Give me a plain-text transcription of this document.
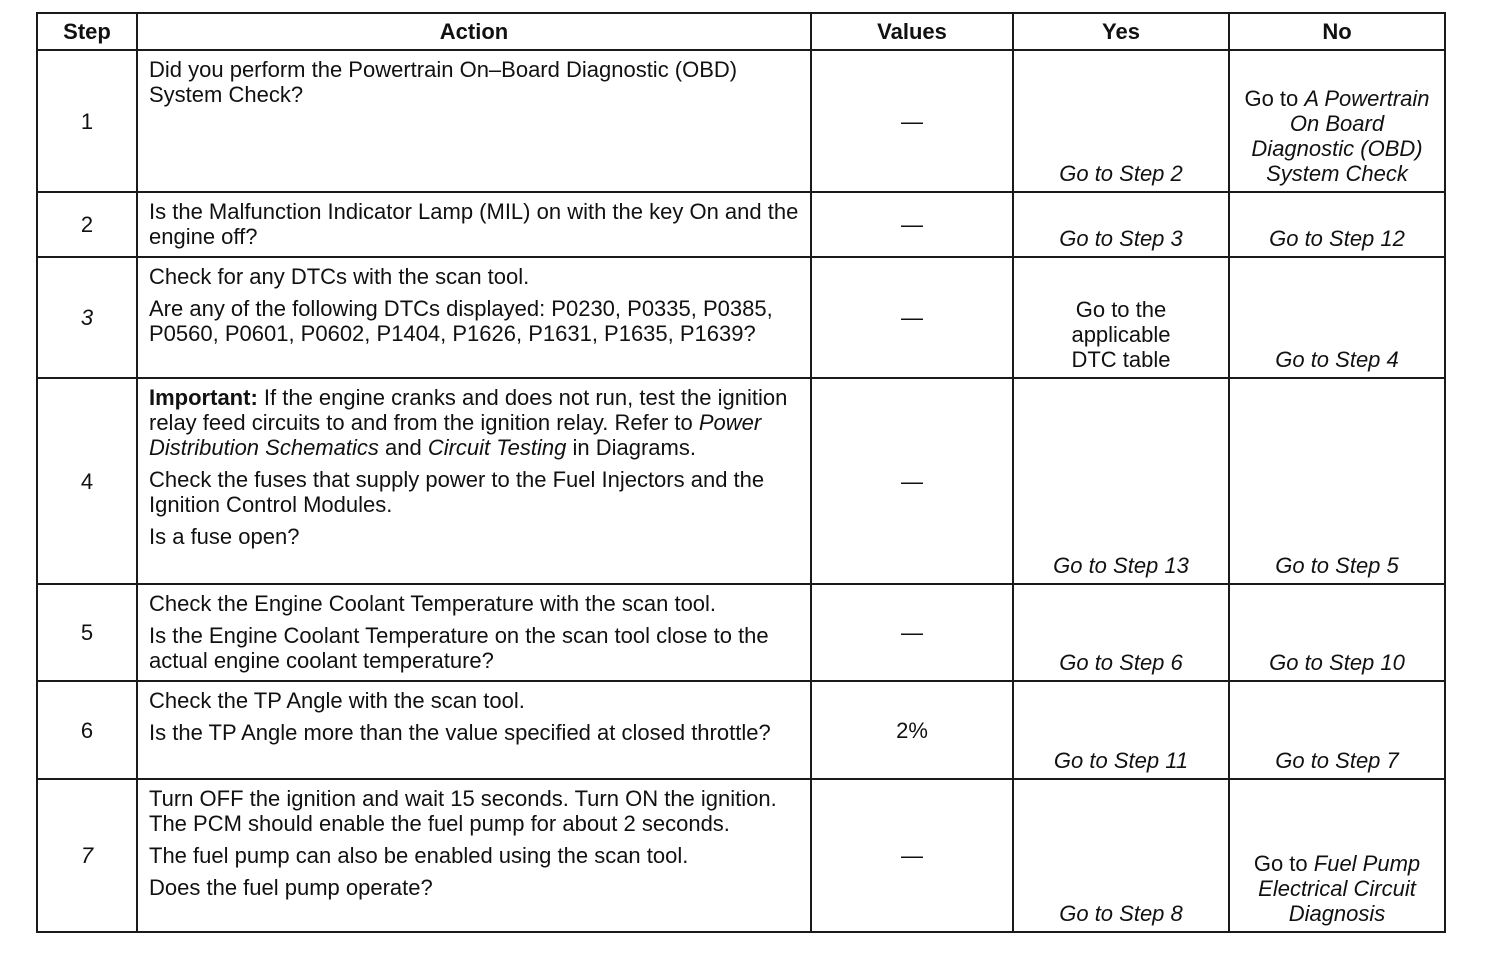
Step	Action	Values	Yes	No
1	Did you perform the Powertrain On–Board Diagnostic (OBD) System Check?	—	Go to Step 2	Go to A Powertrain On Board Diagnostic (OBD) System Check
2	Is the Malfunction Indicator Lamp (MIL) on with the key On and the engine off?	—	Go to Step 3	Go to Step 12
3	Check for any DTCs with the scan tool.

Are any of the following DTCs displayed: P0230, P0335, P0385, P0560, P0601, P0602, P1404, P1626, P1631, P1635, P1639?	—	Go to the applicable DTC table	Go to Step 4
4	Important: If the engine cranks and does not run, test the ignition relay feed circuits to and from the ignition relay. Refer to Power Distribution Schematics and Circuit Testing in Diagrams.

Check the fuses that supply power to the Fuel Injectors and the Ignition Control Modules.

Is a fuse open?	—	Go to Step 13	Go to Step 5
5	Check the Engine Coolant Temperature with the scan tool.

Is the Engine Coolant Temperature on the scan tool close to the actual engine coolant temperature?	—	Go to Step 6	Go to Step 10
6	Check the TP Angle with the scan tool.

Is the TP Angle more than the value specified at closed throttle?	2%	Go to Step 11	Go to Step 7
7	Turn OFF the ignition and wait 15 seconds. Turn ON the ignition. The PCM should enable the fuel pump for about 2 seconds.

The fuel pump can also be enabled using the scan tool.

Does the fuel pump operate?	—	Go to Step 8	Go to Fuel Pump Electrical Circuit Diagnosis
